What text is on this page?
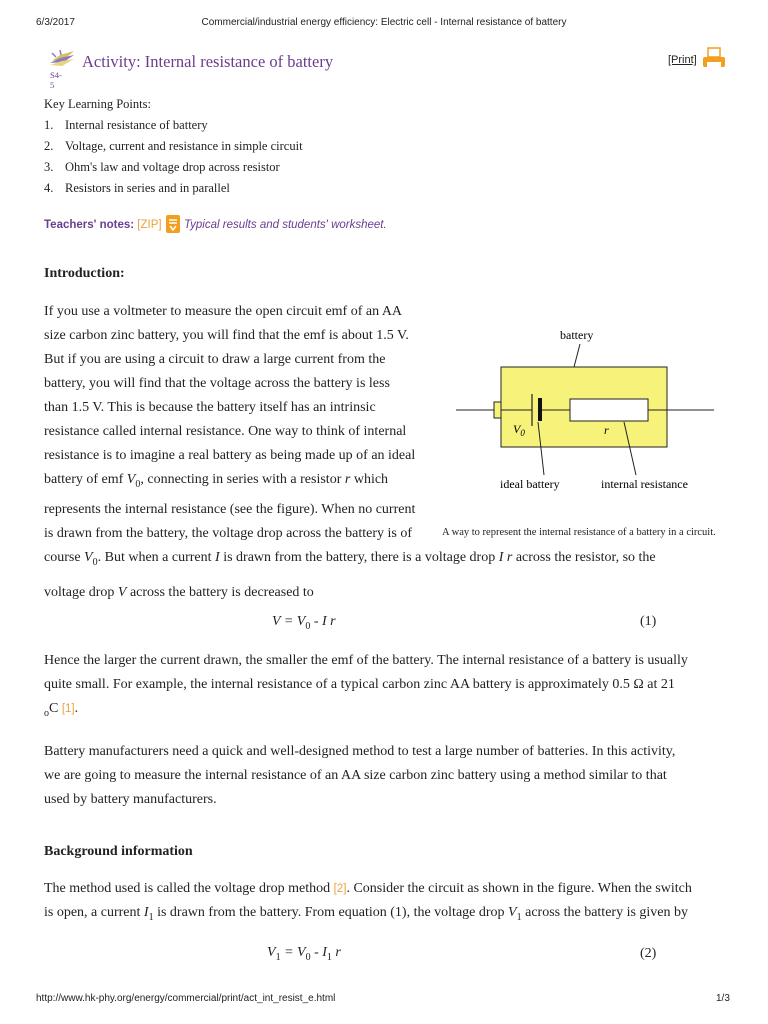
6/3/2017	Commercial/industrial energy efficiency: Electric cell - Internal resistance of battery
S4-5
Activity: Internal resistance of battery	[Print]
Key Learning Points:
1. Internal resistance of battery
2. Voltage, current and resistance in simple circuit
3. Ohm's law and voltage drop across resistor
4. Resistors in series and in parallel
Teachers' notes: [ZIP] Typical results and students' worksheet.
Introduction:
If you use a voltmeter to measure the open circuit emf of an AA
size carbon zinc battery, you will find that the emf is about 1.5 V.
But if you are using a circuit to draw a large current from the
battery, you will find that the voltage across the battery is less
than 1.5 V. This is because the battery itself has an intrinsic
resistance called internal resistance. One way to think of internal
resistance is to imagine a real battery as being made up of an ideal
battery of emf $V_0$, connecting in series with a resistor r which
represents the internal resistance (see the figure). When no current
is drawn from the battery, the voltage drop across the battery is of
battery
$V_0$	r
ideal battery	internal resistance
A way to represent the internal resistance of a battery in a circuit.
course $V_0$. But when a current I is drawn from the battery, there is a voltage drop I r across the resistor, so the
voltage drop V across the battery is decreased to
$V = V_0 - I$ r	(1)
Hence the larger the current drawn, the smaller the emf of the battery. The internal resistance of a battery is usually
quite small. For example, the internal resistance of a typical carbon zinc AA battery is approximately 0.5 Ω at 21
$_o$C [1].
Battery manufacturers need a quick and well-designed method to test a large number of batteries. In this activity,
we are going to measure the internal resistance of an AA size carbon zinc battery using a method similar to that
used by battery manufacturers.
Background information
The method used is called the voltage drop method [2]. Consider the circuit as shown in the figure. When the switch
is open, a current $I_1$ is drawn from the battery. From equation (1), the voltage drop $V_1$ across the battery is given by
$V_1 = V_0 - I_1$ r	(2)
http://www.hk-phy.org/energy/commercial/print/act_int_resist_e.html	1/3
